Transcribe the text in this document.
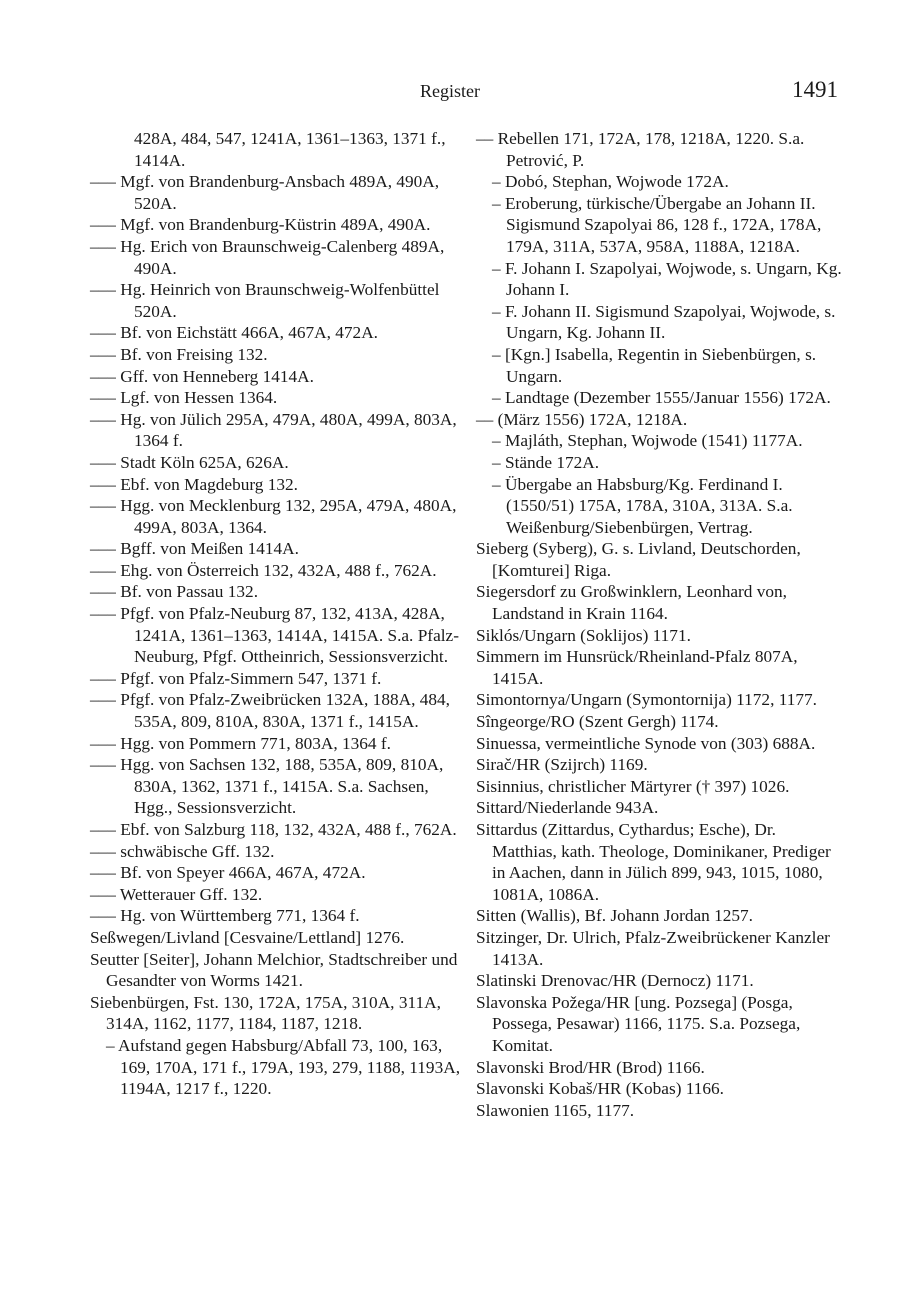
Register	1491

428A, 484, 547, 1241A, 1361–1363, 1371 f., 1414A.

––– Mgf. von Brandenburg-Ansbach 489A, 490A, 520A.

––– Mgf. von Brandenburg-Küstrin 489A, 490A.

––– Hg. Erich von Braunschweig-Calenberg 489A, 490A.

––– Hg. Heinrich von Braunschweig-Wolfenbüttel 520A.

––– Bf. von Eichstätt 466A, 467A, 472A.

––– Bf. von Freising 132.

––– Gff. von Henneberg 1414A.

––– Lgf. von Hessen 1364.

––– Hg. von Jülich 295A, 479A, 480A, 499A, 803A, 1364 f.

––– Stadt Köln 625A, 626A.

––– Ebf. von Magdeburg 132.

––– Hgg. von Mecklenburg 132, 295A, 479A, 480A, 499A, 803A, 1364.

––– Bgff. von Meißen 1414A.

––– Ehg. von Österreich 132, 432A, 488 f., 762A.

––– Bf. von Passau 132.

––– Pfgf. von Pfalz-Neuburg 87, 132, 413A, 428A, 1241A, 1361–1363, 1414A, 1415A. S.a. Pfalz-Neuburg, Pfgf. Ottheinrich, Sessionsverzicht.

––– Pfgf. von Pfalz-Simmern 547, 1371 f.

––– Pfgf. von Pfalz-Zweibrücken 132A, 188A, 484, 535A, 809, 810A, 830A, 1371 f., 1415A.

––– Hgg. von Pommern 771, 803A, 1364 f.

––– Hgg. von Sachsen 132, 188, 535A, 809, 810A, 830A, 1362, 1371 f., 1415A. S.a. Sachsen, Hgg., Sessionsverzicht.

––– Ebf. von Salzburg 118, 132, 432A, 488 f., 762A.

––– schwäbische Gff. 132.

––– Bf. von Speyer 466A, 467A, 472A.

––– Wetterauer Gff. 132.

––– Hg. von Württemberg 771, 1364 f.

Seßwegen/Livland [Cesvaine/Lettland] 1276.

Seutter [Seiter], Johann Melchior, Stadtschreiber und Gesandter von Worms 1421.

Siebenbürgen, Fst. 130, 172A, 175A, 310A, 311A, 314A, 1162, 1177, 1184, 1187, 1218.

– Aufstand gegen Habsburg/Abfall 73, 100, 163, 169, 170A, 171 f., 179A, 193, 279, 1188, 1193A, 1194A, 1217 f., 1220.

–– Rebellen 171, 172A, 178, 1218A, 1220. S.a. Petrović, P.

– Dobó, Stephan, Wojwode 172A.

– Eroberung, türkische/Übergabe an Johann II. Sigismund Szapolyai 86, 128 f., 172A, 178A, 179A, 311A, 537A, 958A, 1188A, 1218A.

– F. Johann I. Szapolyai, Wojwode, s. Ungarn, Kg. Johann I.

– F. Johann II. Sigismund Szapolyai, Wojwode, s. Ungarn, Kg. Johann II.

– [Kgn.] Isabella, Regentin in Siebenbürgen, s. Ungarn.

– Landtage (Dezember 1555/Januar 1556) 172A.

–– (März 1556) 172A, 1218A.

– Majláth, Stephan, Wojwode (1541) 1177A.

– Stände 172A.

– Übergabe an Habsburg/Kg. Ferdinand I. (1550/51) 175A, 178A, 310A, 313A. S.a. Weißenburg/Siebenbürgen, Vertrag.

Sieberg (Syberg), G. s. Livland, Deutschorden, [Komturei] Riga.

Siegersdorf zu Großwinklern, Leonhard von, Landstand in Krain 1164.

Siklós/Ungarn (Soklijos) 1171.

Simmern im Hunsrück/Rheinland-Pfalz 807A, 1415A.

Simontornya/Ungarn (Symontornija) 1172, 1177.

Sîngeorge/RO (Szent Gergh) 1174.

Sinuessa, vermeintliche Synode von (303) 688A.

Sirač/HR (Szijrch) 1169.

Sisinnius, christlicher Märtyrer († 397) 1026.

Sittard/Niederlande 943A.

Sittardus (Zittardus, Cythardus; Esche), Dr. Matthias, kath. Theologe, Dominikaner, Prediger in Aachen, dann in Jülich 899, 943, 1015, 1080, 1081A, 1086A.

Sitten (Wallis), Bf. Johann Jordan 1257.

Sitzinger, Dr. Ulrich, Pfalz-Zweibrückener Kanzler 1413A.

Slatinski Drenovac/HR (Dernocz) 1171.

Slavonska Požega/HR [ung. Pozsega] (Posga, Possega, Pesawar) 1166, 1175. S.a. Pozsega, Komitat.

Slavonski Brod/HR (Brod) 1166.

Slavonski Kobaš/HR (Kobas) 1166.

Slawonien 1165, 1177.
